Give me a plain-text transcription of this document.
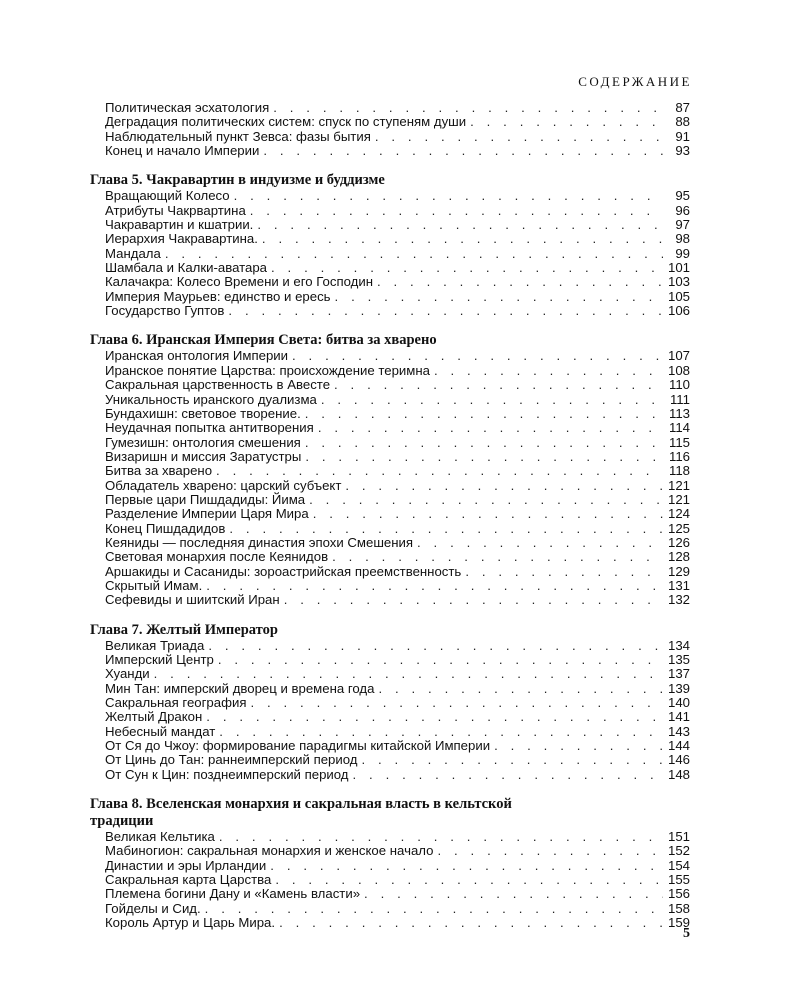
СОДЕРЖАНИЕ
Политическая эсхатология . . .	87
Деградация политических систем: спуск по ступеням души . . .	88
Наблюдательный пункт Зевса: фазы бытия . . .	91
Конец и начало Империи . . .	93
Глава 5. Чакравартин в индуизме и буддизме
Вращающий Колесо . . .	95
Атрибуты Чакрвартина . . .	96
Чакравартин и кшатрии. . . .	97
Иерархия Чакравартина. . . .	98
Мандала . . .	99
Шамбала и Калки-аватара . . .	101
Калачакра: Колесо Времени и его Господин . . .	103
Империя Маурьев: единство и ересь . . .	105
Государство Гуптов . . .	106
Глава 6. Иранская Империя Света: битва за хварено
Иранская онтология Империи . . .	107
Иранское понятие Царства: происхождение теримна . . .	108
Сакральная царственность в Авесте . . .	110
Уникальность иранского дуализма . . .	111
Бундахишн: световое творение. . . .	113
Неудачная попытка антитворения . . .	114
Гумезишн: онтология смешения . . .	115
Визаришн и миссия Заратустры . . .	116
Битва за хварено . . .	118
Обладатель хварено: царский субъект . . .	121
Первые цари Пишдадиды: Йима . . .	121
Разделение Империи Царя Мира . . .	124
Конец Пишдадидов . . .	125
Кеяниды — последняя династия эпохи Смешения . . .	126
Световая монархия после Кеянидов . . .	128
Аршакиды и Сасаниды: зороастрийская преемственность . . .	129
Скрытый Имам. . . .	131
Сефевиды и шиитский Иран . . .	132
Глава 7. Желтый Император
Великая Триада . . .	134
Имперский Центр . . .	135
Хуанди . . .	137
Мин Тан: имперский дворец и времена года . . .	139
Сакральная география . . .	140
Желтый Дракон . . .	141
Небесный мандат . . .	143
От Ся до Чжоу: формирование парадигмы китайской Империи . . .	144
От Цинь до Тан: раннеимперский период . . .	146
От Сун к Цин: позднеимперский период . . .	148
Глава 8. Вселенская монархия и сакральная власть в кельтской традиции
Великая Кельтика . . .	151
Мабиногион: сакральная монархия и женское начало . . .	152
Династии и эры Ирландии . . .	154
Сакральная карта Царства . . .	155
Племена богини Дану и «Камень власти» . . .	156
Гойделы и Сид. . . .	158
Король Артур и Царь Мира. . . .	159
5
